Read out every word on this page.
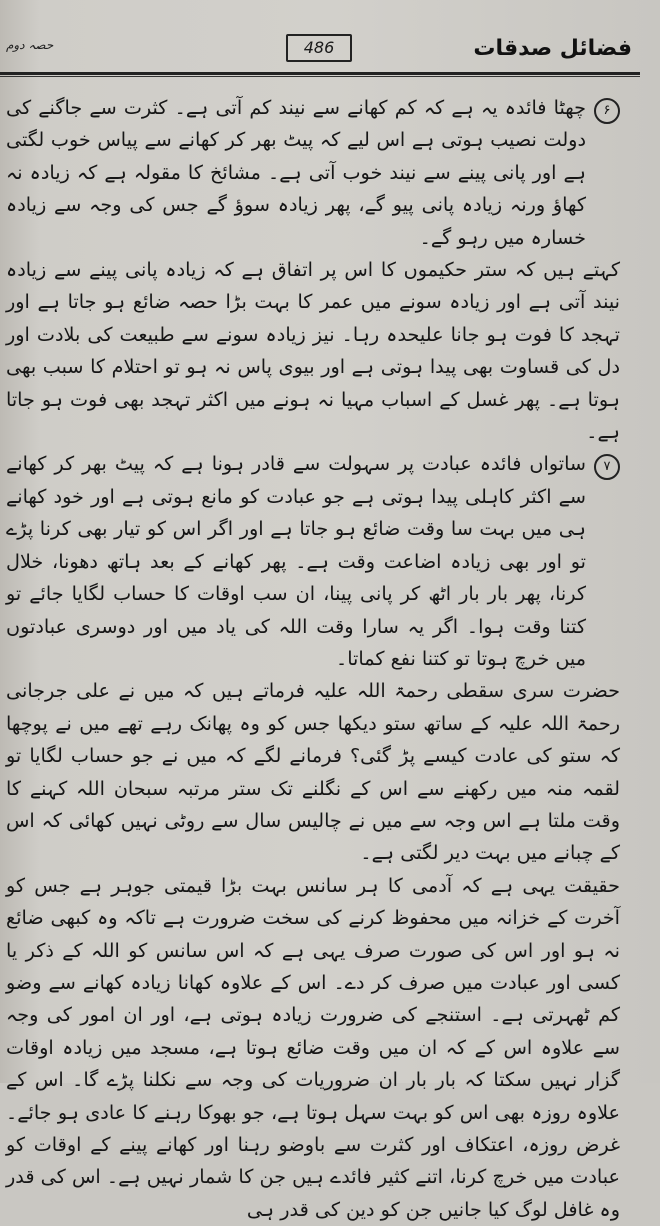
فضائل صدقات
486
حصہ دوم

۶
چھٹا فائدہ یہ ہے کہ کم کھانے سے نیند کم آتی ہے۔ کثرت سے جاگنے کی دولت نصیب ہوتی ہے اس لیے کہ پیٹ بھر کر کھانے سے پیاس خوب لگتی ہے اور پانی پینے سے نیند خوب آتی ہے۔ مشائخ کا مقولہ ہے کہ زیادہ نہ کھاؤ ورنہ زیادہ پانی پیو گے، پھر زیادہ سوؤ گے جس کی وجہ سے زیادہ خسارہ میں رہو گے۔

کہتے ہیں کہ ستر حکیموں کا اس پر اتفاق ہے کہ زیادہ پانی پینے سے زیادہ نیند آتی ہے اور زیادہ سونے میں عمر کا بہت بڑا حصہ ضائع ہو جاتا ہے اور تہجد کا فوت ہو جانا علیحدہ رہا۔ نیز زیادہ سونے سے طبیعت کی بلادت اور دل کی قساوت بھی پیدا ہوتی ہے اور بیوی پاس نہ ہو تو احتلام کا سبب بھی ہوتا ہے۔ پھر غسل کے اسباب مہیا نہ ہونے میں اکثر تہجد بھی فوت ہو جاتا ہے۔

۷
ساتواں فائدہ عبادت پر سہولت سے قادر ہونا ہے کہ پیٹ بھر کر کھانے سے اکثر کاہلی پیدا ہوتی ہے جو عبادت کو مانع ہوتی ہے اور خود کھانے ہی میں بہت سا وقت ضائع ہو جاتا ہے اور اگر اس کو تیار بھی کرنا پڑے تو اور بھی زیادہ اضاعت وقت ہے۔ پھر کھانے کے بعد ہاتھ دھونا، خلال کرنا، پھر بار بار اٹھ کر پانی پینا، ان سب اوقات کا حساب لگایا جائے تو کتنا وقت ہوا۔ اگر یہ سارا وقت اللہ کی یاد میں اور دوسری عبادتوں میں خرچ ہوتا تو کتنا نفع کماتا۔

حضرت سری سقطی رحمۃ اللہ علیہ فرماتے ہیں کہ میں نے علی جرجانی رحمۃ اللہ علیہ کے ساتھ ستو دیکھا جس کو وہ پھانک رہے تھے میں نے پوچھا کہ ستو کی عادت کیسے پڑ گئی؟ فرمانے لگے کہ میں نے جو حساب لگایا تو لقمہ منہ میں رکھنے سے اس کے نگلنے تک ستر مرتبہ سبحان اللہ کہنے کا وقت ملتا ہے اس وجہ سے میں نے چالیس سال سے روٹی نہیں کھائی کہ اس کے چبانے میں بہت دیر لگتی ہے۔

حقیقت یہی ہے کہ آدمی کا ہر سانس بہت بڑا قیمتی جوہر ہے جس کو آخرت کے خزانہ میں محفوظ کرنے کی سخت ضرورت ہے تاکہ وہ کبھی ضائع نہ ہو اور اس کی صورت صرف یہی ہے کہ اس سانس کو اللہ کے ذکر یا کسی اور عبادت میں صرف کر دے۔ اس کے علاوہ کھانا زیادہ کھانے سے وضو کم ٹھہرتی ہے۔ استنجے کی ضرورت زیادہ ہوتی ہے، اور ان امور کی وجہ سے علاوہ اس کے کہ ان میں وقت ضائع ہوتا ہے، مسجد میں زیادہ اوقات گزار نہیں سکتا کہ بار بار ان ضروریات کی وجہ سے نکلنا پڑے گا۔ اس کے علاوہ روزہ بھی اس کو بہت سہل ہوتا ہے، جو بھوکا رہنے کا عادی ہو جائے۔ غرض روزہ، اعتکاف اور کثرت سے باوضو رہنا اور کھانے پینے کے اوقات کو عبادت میں خرچ کرنا، اتنے کثیر فائدے ہیں جن کا شمار نہیں ہے۔ اس کی قدر وہ غافل لوگ کیا جانیں جن کو دین کی قدر ہی
